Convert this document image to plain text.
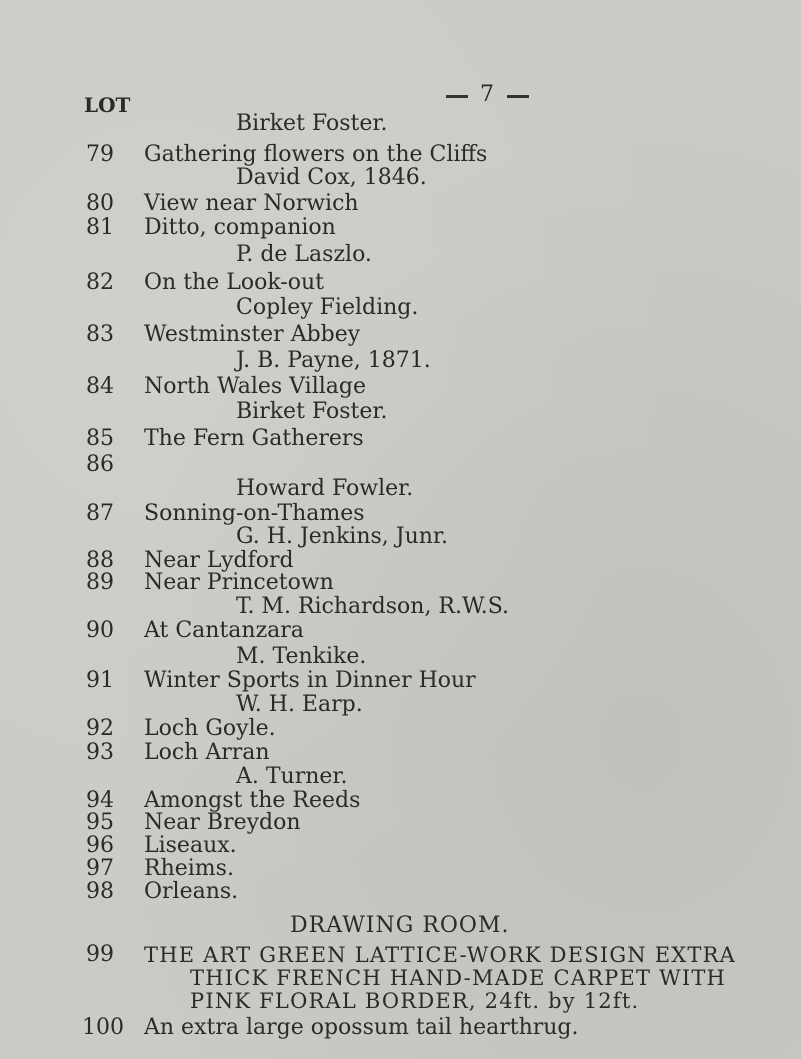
LOT	7
Birket Foster.
79 Gathering flowers on the Cliffs
David Cox, 1846.
80 View near Norwich
81 Ditto, companion
P. de Laszlo.
82 On the Look-out
Copley Fielding.
83 Westminster Abbey
J. B. Payne, 1871.
84 North Wales Village
Birket Foster.
85 The Fern Gatherers
86
Howard Fowler.
87 Sonning-on-Thames
G. H. Jenkins, Junr.
88 Near Lydford
89 Near Princetown
T. M. Richardson, R.W.S.
90 At Cantanzara
M. Tenkike.
91 Winter Sports in Dinner Hour
W. H. Earp.
92 Loch Goyle.
93 Loch Arran
A. Turner.
94 Amongst the Reeds
95 Near Breydon
96 Liseaux.
97 Rheims.
98 Orleans.
DRAWING ROOM.
99 THE ART GREEN LATTICE-WORK DESIGN EXTRA
THICK FRENCH HAND-MADE CARPET WITH
PINK FLORAL BORDER, 24ft. by 12ft.
100 An extra large opossum tail hearthrug.
